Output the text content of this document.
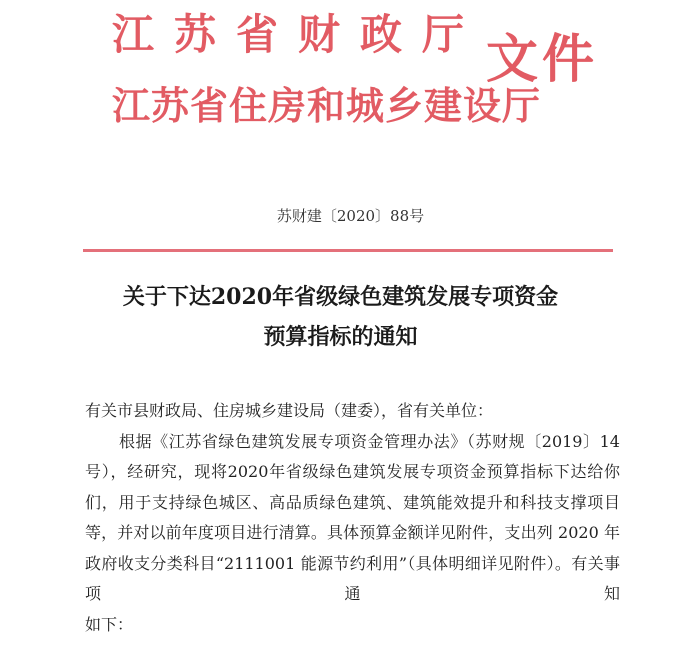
江苏省财政厅
江苏省住房和城乡建设厅
文件
苏财建〔2020〕88号
关于下达2020年省级绿色建筑发展专项资金
预算指标的通知

有关市县财政局、住房城乡建设局（建委），省有关单位：

根据《江苏省绿色建筑发展专项资金管理办法》（苏财规〔2019〕14号），经研究，现将2020年省级绿色建筑发展专项资金预算指标下达给你们，用于支持绿色城区、高品质绿色建筑、建筑能效提升和科技支撑项目等，并对以前年度项目进行清算。具体预算金额详见附件，支出列 2020 年政府收支分类科目“2111001 能源节约利用”（具体明细详见附件）。有关事项通知

如下：
